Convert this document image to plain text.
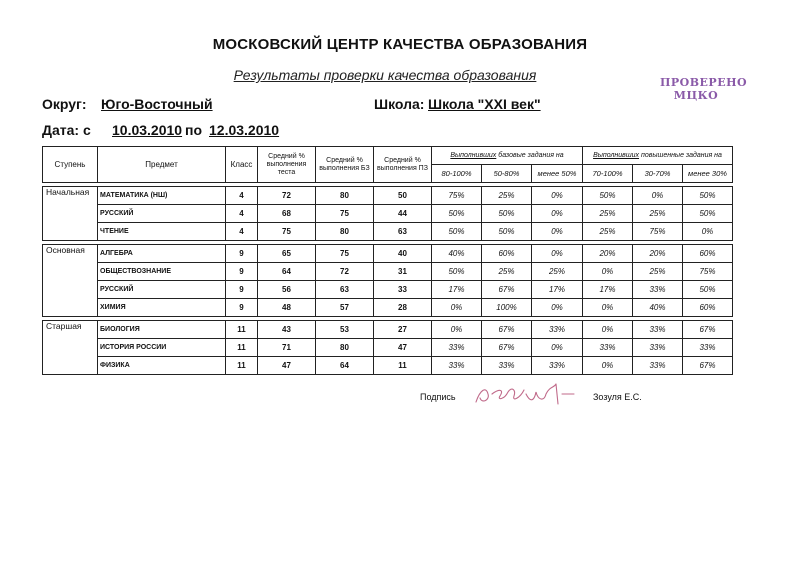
МОСКОВСКИЙ ЦЕНТР КАЧЕСТВА ОБРАЗОВАНИЯ
Результаты проверки качества образования	ПРОВЕРЕНО
МЦКО
Округ: Юго-Восточный	Школа: Школа "XXI век"
Дата: с 10.03.2010 по 12.03.2010
Ступень	Предмет	Класс	Средний % выполнения теста	Средний % выполнения БЗ	Средний % выполнения ПЗ	Выполнивших базовые задания на			Выполнивших повышенные задания на		
						80-100%	50-80%	менее 50%	70-100%	30-70%	менее 30%

Начальная	МАТЕМАТИКА (НШ)	4	72	80	50	75%	25%	0%	50%	0%	50%
	РУССКИЙ	4	68	75	44	50%	50%	0%	25%	25%	50%
	ЧТЕНИЕ	4	75	80	63	50%	50%	0%	25%	75%	0%

Основная	АЛГЕБРА	9	65	75	40	40%	60%	0%	20%	20%	60%
	ОБЩЕСТВОЗНАНИЕ	9	64	72	31	50%	25%	25%	0%	25%	75%
	РУССКИЙ	9	56	63	33	17%	67%	17%	17%	33%	50%
	ХИМИЯ	9	48	57	28	0%	100%	0%	0%	40%	60%

Старшая	БИОЛОГИЯ	11	43	53	27	0%	67%	33%	0%	33%	67%
	ИСТОРИЯ РОССИИ	11	71	80	47	33%	67%	0%	33%	33%	33%
	ФИЗИКА	11	47	64	11	33%	33%	33%	0%	33%	67%
Подпись	Зозуля Е.С.
